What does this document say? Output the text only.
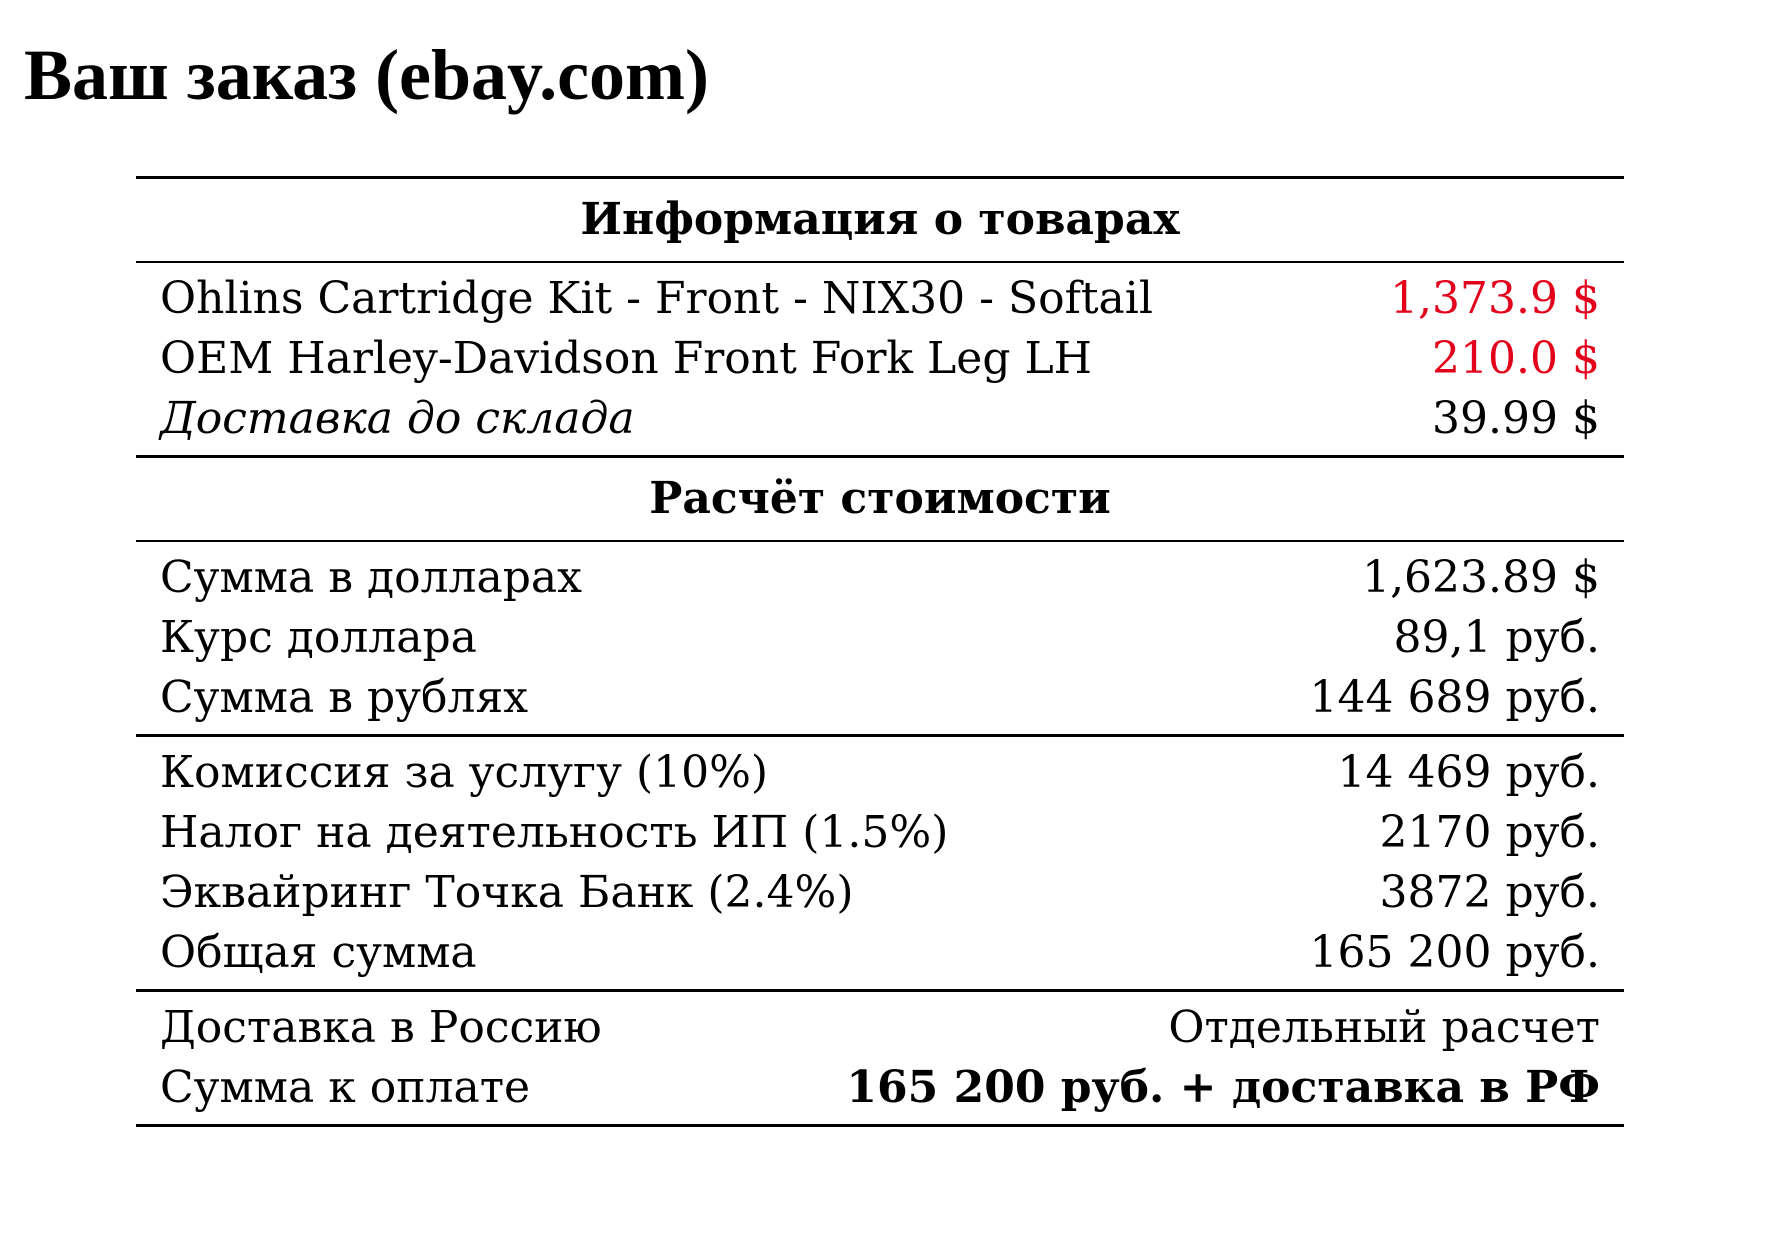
Ваш заказ (ebay.com)
Информация о товарах
Ohlins Cartridge Kit - Front - NIX30 - Softail	1,373.9 $
OEM Harley-Davidson Front Fork Leg LH	210.0 $
Доставка до склада	39.99 $
Расчёт стоимости
Сумма в долларах	1,623.89 $
Курс доллара	89,1 руб.
Сумма в рублях	144 689 руб.
Комиссия за услугу (10%)	14 469 руб.
Налог на деятельность ИП (1.5%)	2170 руб.
Эквайринг Точка Банк (2.4%)	3872 руб.
Общая сумма	165 200 руб.
Доставка в Россию	Отдельный расчет
Сумма к оплате	165 200 руб. + доставка в РФ
